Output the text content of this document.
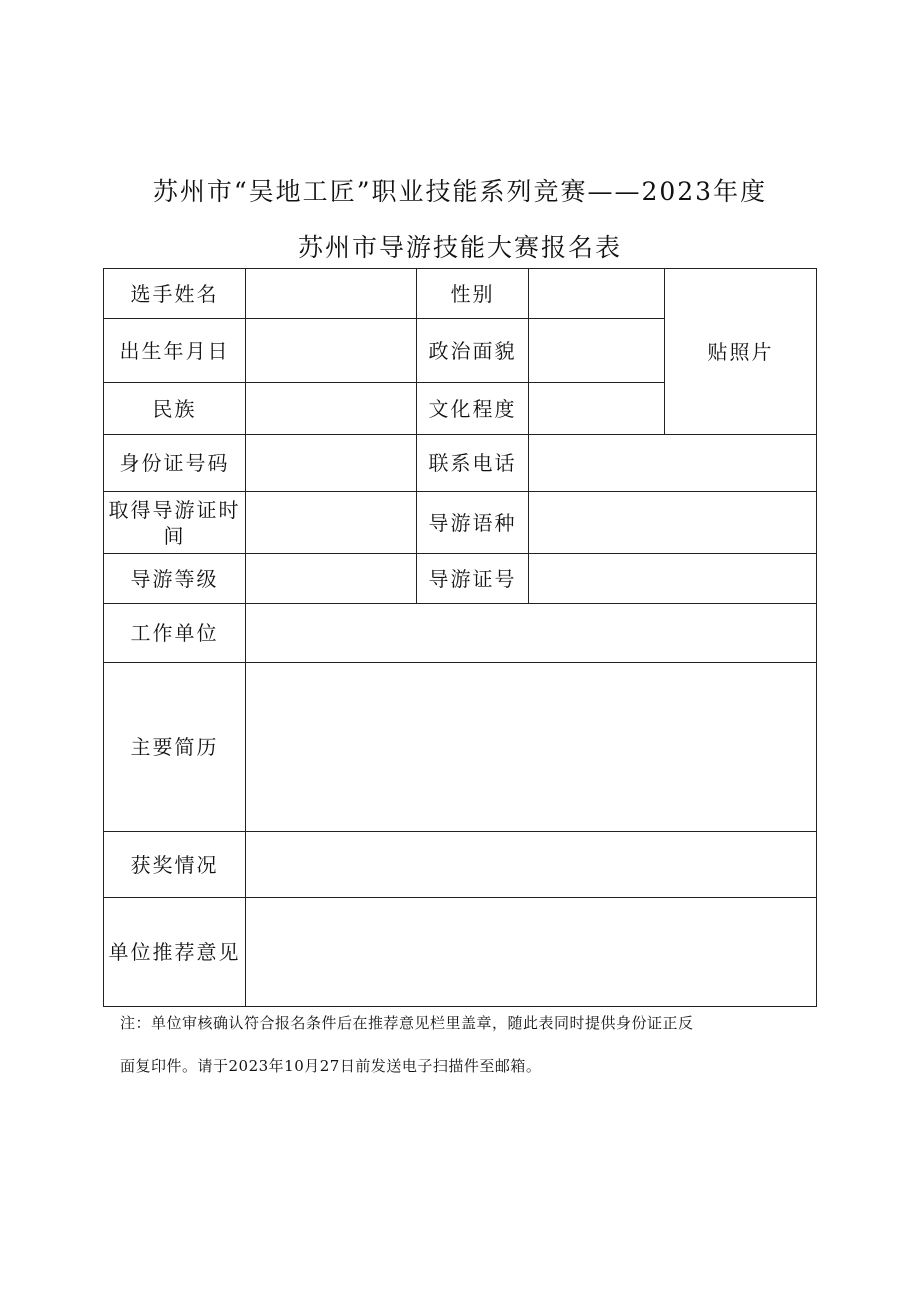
苏州市“吴地工匠”职业技能系列竞赛——2023年度
苏州市导游技能大赛报名表
选手姓名		性别		贴照片
出生年月日		政治面貌		
民族		文化程度		
身份证号码		联系电话		
取得导游证时间		导游语种		
导游等级		导游证号		
工作单位				
主要简历				
获奖情况				
单位推荐意见				
注：单位审核确认符合报名条件后在推荐意见栏里盖章，随此表同时提供身份证正反
面复印件。请于2023年10月27日前发送电子扫描件至邮箱。
